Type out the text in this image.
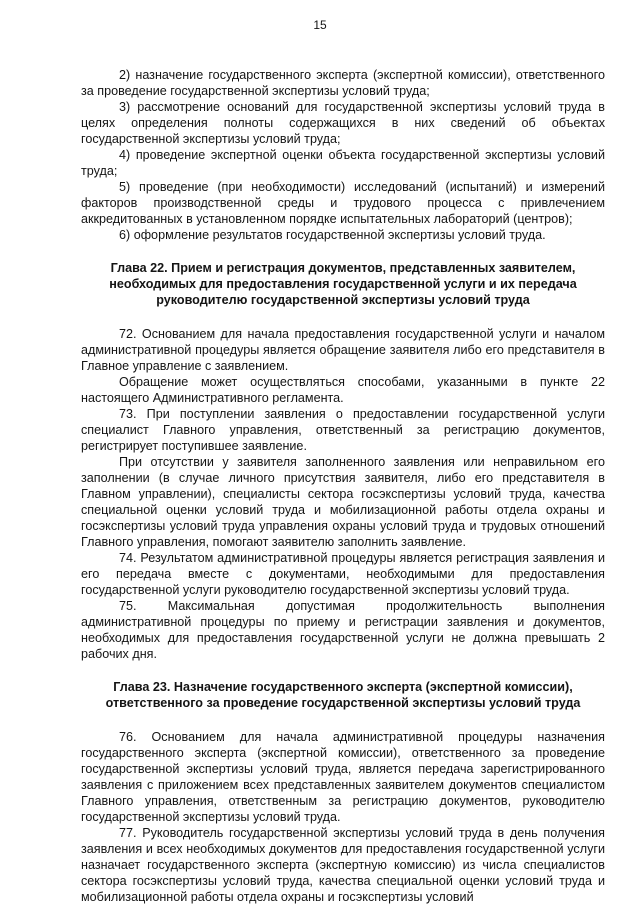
15

2) назначение государственного эксперта (экспертной комиссии), ответственного за проведение государственной экспертизы условий труда;

3) рассмотрение оснований для государственной экспертизы условий труда в целях определения полноты содержащихся в них сведений об объектах государственной экспертизы условий труда;

4) проведение экспертной оценки объекта государственной экспертизы условий труда;

5) проведение (при необходимости) исследований (испытаний) и измерений факторов производственной среды и трудового процесса с привлечением аккредитованных в установленном порядке испытательных лабораторий (центров);

6) оформление результатов государственной экспертизы условий труда.

Глава 22. Прием и регистрация документов, представленных заявителем, необходимых для предоставления государственной услуги и их передача руководителю государственной экспертизы условий труда

72. Основанием для начала предоставления государственной услуги и началом административной процедуры является обращение заявителя либо его представителя в Главное управление с заявлением.

Обращение может осуществляться способами, указанными в пункте 22 настоящего Административного регламента.

73. При поступлении заявления о предоставлении государственной услуги специалист Главного управления, ответственный за регистрацию документов, регистрирует поступившее заявление.

При отсутствии у заявителя заполненного заявления или неправильном его заполнении (в случае личного присутствия заявителя, либо его представителя в Главном управлении), специалисты сектора госэкспертизы условий труда, качества специальной оценки условий труда и мобилизационной работы отдела охраны и госэкспертизы условий труда управления охраны условий труда и трудовых отношений Главного управления, помогают заявителю заполнить заявление.

74. Результатом административной процедуры является регистрация заявления и его передача вместе с документами, необходимыми для предоставления государственной услуги руководителю государственной экспертизы условий труда.

75. Максимальная допустимая продолжительность выполнения административной процедуры по приему и регистрации заявления и документов, необходимых для предоставления государственной услуги не должна превышать 2 рабочих дня.

Глава 23. Назначение государственного эксперта (экспертной комиссии), ответственного за проведение государственной экспертизы условий труда

76. Основанием для начала административной процедуры назначения государственного эксперта (экспертной комиссии), ответственного за проведение государственной экспертизы условий труда, является передача зарегистрированного заявления с приложением всех представленных заявителем документов специалистом Главного управления, ответственным за регистрацию документов, руководителю государственной экспертизы условий труда.

77. Руководитель государственной экспертизы условий труда в день получения заявления и всех необходимых документов для предоставления государственной услуги назначает государственного эксперта (экспертную комиссию) из числа специалистов сектора госэкспертизы условий труда, качества специальной оценки условий труда и мобилизационной работы отдела охраны и госэкспертизы условий
